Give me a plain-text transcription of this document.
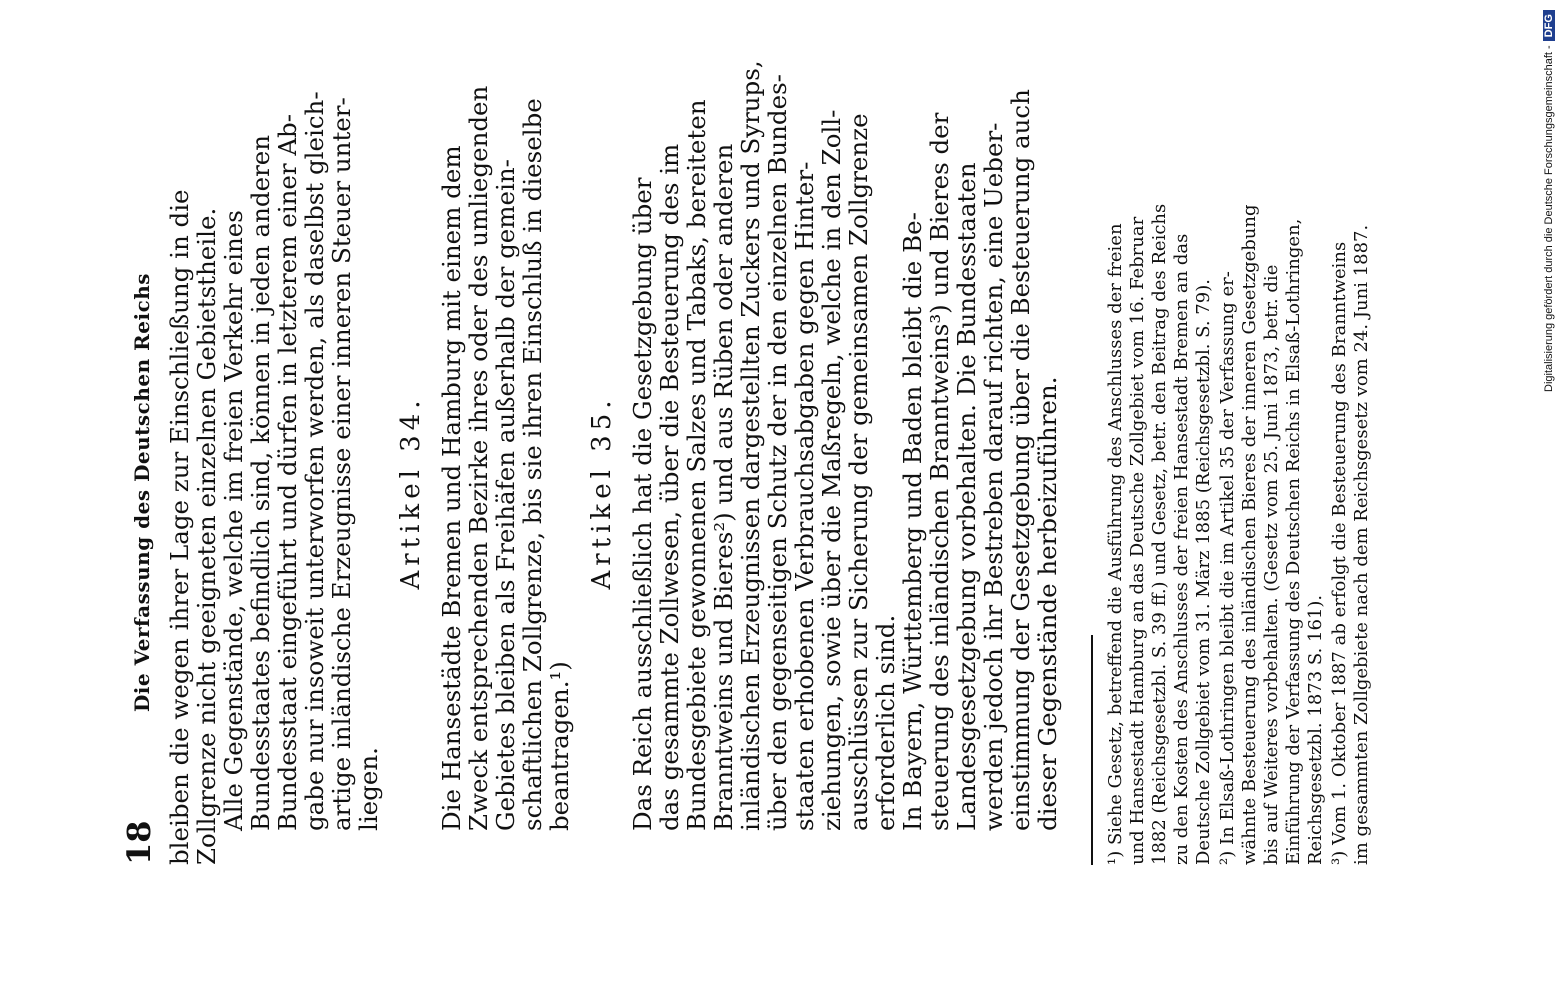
18
Die Verfassung des Deutschen Reichs bleiben die wegen ihrer Lage zur Einschließung in die
Zollgrenze nicht geeigneten einzelnen Gebietstheile.

Alle Gegenstände, welche im freien Verkehr eines
Bundesstaates befindlich sind, können in jeden anderen
Bundesstaat eingeführt und dürfen in letzterem einer Ab-
gabe nur insoweit unterworfen werden, als daselbst gleich-
artige inländische Erzeugnisse einer inneren Steuer unter-
liegen.

Artikel 34. Die Hansestädte Bremen und Hamburg mit einem dem
Zweck entsprechenden Bezirke ihres oder des umliegenden
Gebietes bleiben als Freihäfen außerhalb der gemein-
schaftlichen Zollgrenze, bis sie ihren Einschluß in dieselbe
beantragen.¹)

Artikel 35. Das Reich ausschließlich hat die Gesetzgebung über
das gesammte Zollwesen, über die Besteuerung des im
Bundesgebiete gewonnenen Salzes und Tabaks, bereiteten
Branntweins und Bieres²) und aus Rüben oder anderen
inländischen Erzeugnissen dargestellten Zuckers und Syrups,
über den gegenseitigen Schutz der in den einzelnen Bundes-
staaten erhobenen Verbrauchsabgaben gegen Hinter-
ziehungen, sowie über die Maßregeln, welche in den Zoll-
ausschlüssen zur Sicherung der gemeinsamen Zollgrenze
erforderlich sind.

In Bayern, Württemberg und Baden bleibt die Be-
steuerung des inländischen Branntweins³) und Bieres der
Landesgesetzgebung vorbehalten. Die Bundesstaaten
werden jedoch ihr Bestreben darauf richten, eine Ueber-
einstimmung der Gesetzgebung über die Besteuerung auch
dieser Gegenstände herbeizuführen. ¹) Siehe Gesetz, betreffend die Ausführung des Anschlusses der freien und Hansestadt Hamburg an das Deutsche Zollgebiet vom 16. Februar 1882 (Reichsgesetzbl. S. 39 ff.) und Gesetz, betr. den Beitrag des Reichs zu den Kosten des Anschlusses der freien Hansestadt Bremen an das Deutsche Zollgebiet vom 31. März 1885 (Reichsgesetzbl. S. 79). ²) In Elsaß-Lothringen bleibt die im Artikel 35 der Verfassung er- wähnte Besteuerung des inländischen Bieres der inneren Gesetzgebung bis auf Weiteres vorbehalten. (Gesetz vom 25. Juni 1873, betr. die Einführung der Verfassung des Deutschen Reichs in Elsaß-Lothringen, Reichsgesetzbl. 1873 S. 161). ³) Vom 1. Oktober 1887 ab erfolgt die Besteuerung des Branntweins im gesammten Zollgebiete nach dem Reichsgesetz vom 24. Juni 1887.
Digitalisierung gefördert durch die Deutsche Forschungsgemeinschaft -DFG
